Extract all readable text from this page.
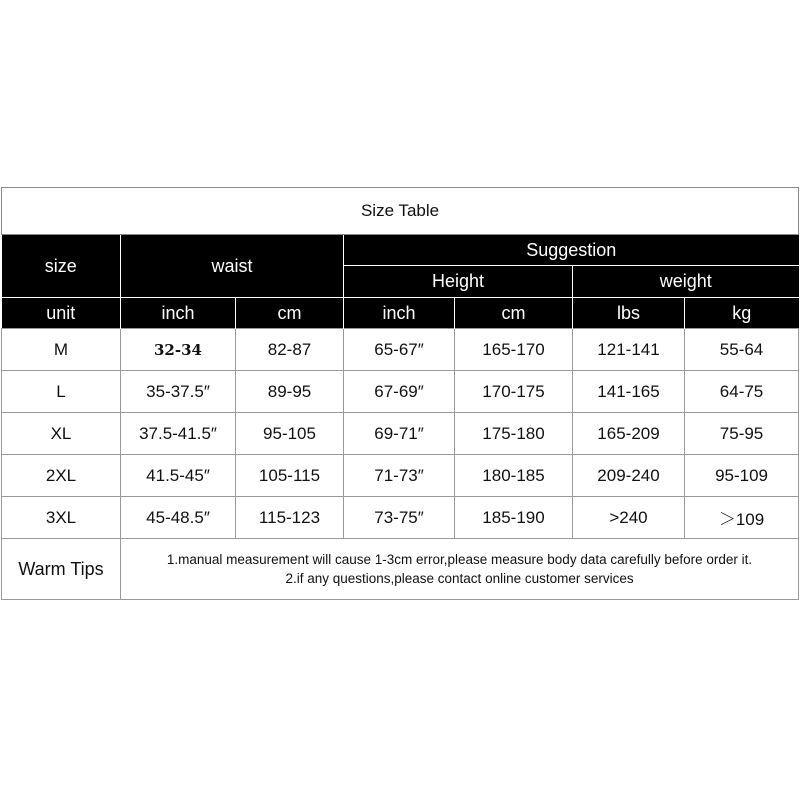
Size Table						
size	waist		Suggestion			
			Height		weight	
unit	inch	cm	inch	cm	lbs	kg
M	32-34	82-87	65-67″	165-170	121-141	55-64
L	35-37.5″	89-95	67-69″	170-175	141-165	64-75
XL	37.5-41.5″	95-105	69-71″	175-180	165-209	75-95
2XL	41.5-45″	105-115	71-73″	180-185	209-240	95-109
3XL	45-48.5″	115-123	73-75″	185-190	>240	＞109
Warm Tips	1.manual measurement will cause 1-3cm error,please measure body data carefully before order it.
2.if any questions,please contact online customer services					
